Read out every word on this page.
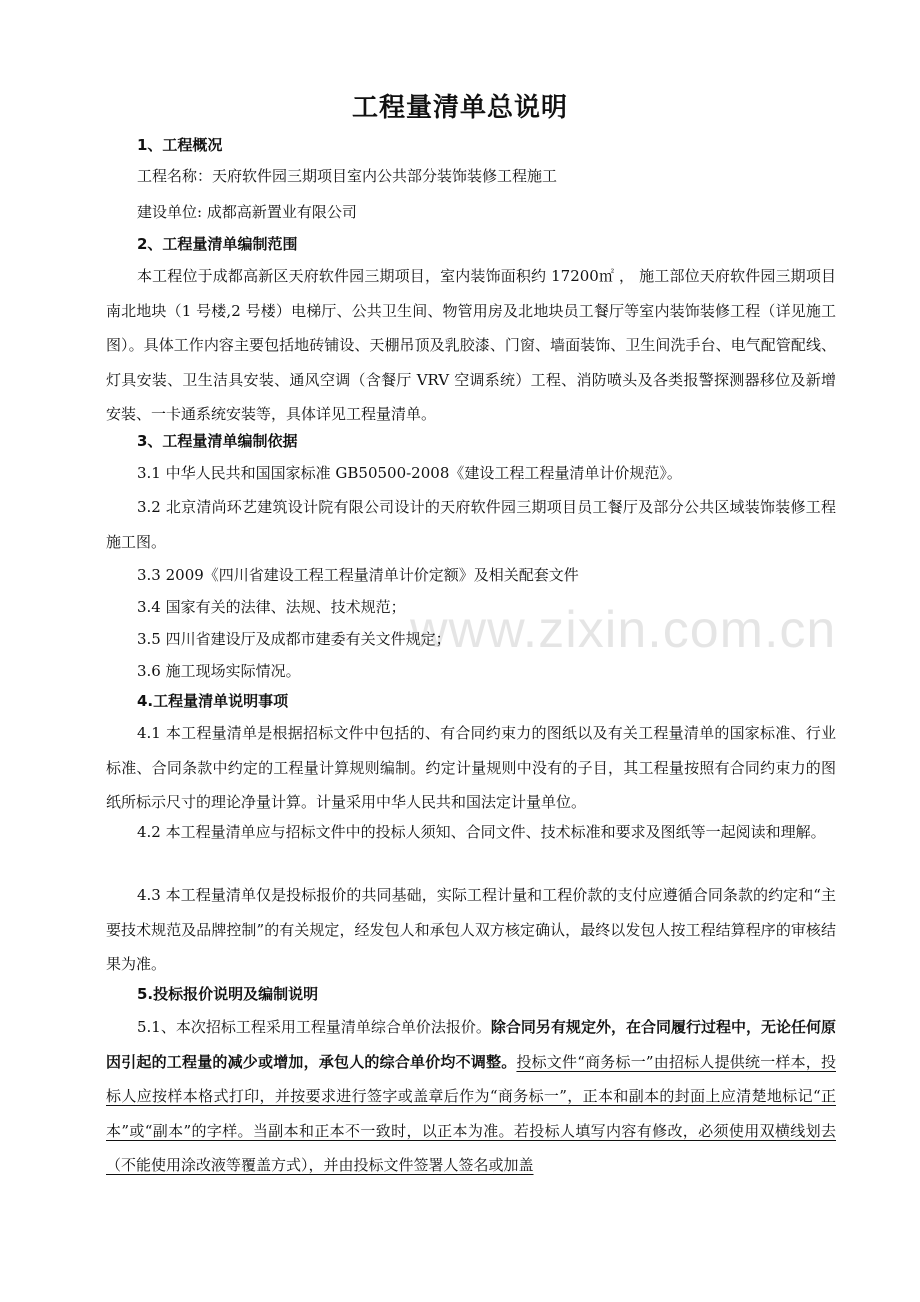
工程量清单总说明
1、工程概况
工程名称：天府软件园三期项目室内公共部分装饰装修工程施工
建设单位: 成都高新置业有限公司
2、工程量清单编制范围
本工程位于成都高新区天府软件园三期项目，室内装饰面积约 17200㎡ ， 施工部位天府软件园三期项目南北地块（1 号楼,2 号楼）电梯厅、公共卫生间、物管用房及北地块员工餐厅等室内装饰装修工程（详见施工图）。具体工作内容主要包括地砖铺设、天棚吊顶及乳胶漆、门窗、墙面装饰、卫生间洗手台、电气配管配线、灯具安装、卫生洁具安装、通风空调（含餐厅 VRV 空调系统）工程、消防喷头及各类报警探测器移位及新增安装、一卡通系统安装等，具体详见工程量清单。
3、工程量清单编制依据
3.1 中华人民共和国国家标准 GB50500-2008《建设工程工程量清单计价规范》。
3.2 北京清尚环艺建筑设计院有限公司设计的天府软件园三期项目员工餐厅及部分公共区域装饰装修工程施工图。
3.3 2009《四川省建设工程工程量清单计价定额》及相关配套文件
3.4 国家有关的法律、法规、技术规范；
3.5 四川省建设厅及成都市建委有关文件规定；
3.6 施工现场实际情况。
4.工程量清单说明事项
4.1 本工程量清单是根据招标文件中包括的、有合同约束力的图纸以及有关工程量清单的国家标准、行业标准、合同条款中约定的工程量计算规则编制。约定计量规则中没有的子目，其工程量按照有合同约束力的图纸所标示尺寸的理论净量计算。计量采用中华人民共和国法定计量单位。
4.2 本工程量清单应与招标文件中的投标人须知、合同文件、技术标准和要求及图纸等一起阅读和理解。
4.3 本工程量清单仅是投标报价的共同基础，实际工程计量和工程价款的支付应遵循合同条款的约定和“主要技术规范及品牌控制”的有关规定，经发包人和承包人双方核定确认，最终以发包人按工程结算程序的审核结果为准。
5.投标报价说明及编制说明
5.1、本次招标工程采用工程量清单综合单价法报价。除合同另有规定外，在合同履行过程中，无论任何原因引起的工程量的减少或增加，承包人的综合单价均不调整。投标文件“商务标一”由招标人提供统一样本，投标人应按样本格式打印，并按要求进行签字或盖章后作为“商务标一”，正本和副本的封面上应清楚地标记“正本”或“副本”的字样。当副本和正本不一致时，以正本为准。若投标人填写内容有修改，必须使用双横线划去（不能使用涂改液等覆盖方式），并由投标文件签署人签名或加盖
www.zixin.com.cn
